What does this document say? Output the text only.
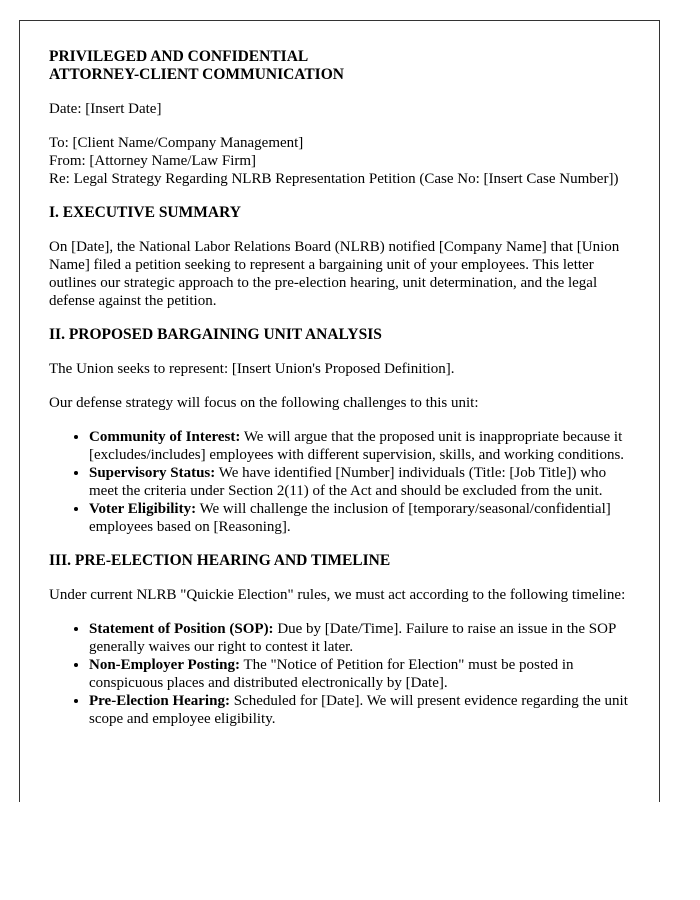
PRIVILEGED AND CONFIDENTIAL
ATTORNEY-CLIENT COMMUNICATION

Date: [Insert Date]

To: [Client Name/Company Management]

From: [Attorney Name/Law Firm]

Re: Legal Strategy Regarding NLRB Representation Petition (Case No: [Insert Case Number])

I. EXECUTIVE SUMMARY

On [Date], the National Labor Relations Board (NLRB) notified [Company Name] that [Union Name] filed a petition seeking to represent a bargaining unit of your employees. This letter outlines our strategic approach to the pre-election hearing, unit determination, and the legal defense against the petition.

II. PROPOSED BARGAINING UNIT ANALYSIS

The Union seeks to represent: [Insert Union's Proposed Definition].

Our defense strategy will focus on the following challenges to this unit:

• Community of Interest: We will argue that the proposed unit is inappropriate because it [excludes/includes] employees with different supervision, skills, and working conditions.
• Supervisory Status: We have identified [Number] individuals (Title: [Job Title]) who meet the criteria under Section 2(11) of the Act and should be excluded from the unit.
• Voter Eligibility: We will challenge the inclusion of [temporary/seasonal/confidential] employees based on [Reasoning].
III. PRE-ELECTION HEARING AND TIMELINE

Under current NLRB "Quickie Election" rules, we must act according to the following timeline:

• Statement of Position (SOP): Due by [Date/Time]. Failure to raise an issue in the SOP generally waives our right to contest it later.
• Non-Employer Posting: The "Notice of Petition for Election" must be posted in conspicuous places and distributed electronically by [Date].
• Pre-Election Hearing: Scheduled for [Date]. We will present evidence regarding the unit scope and employee eligibility.
